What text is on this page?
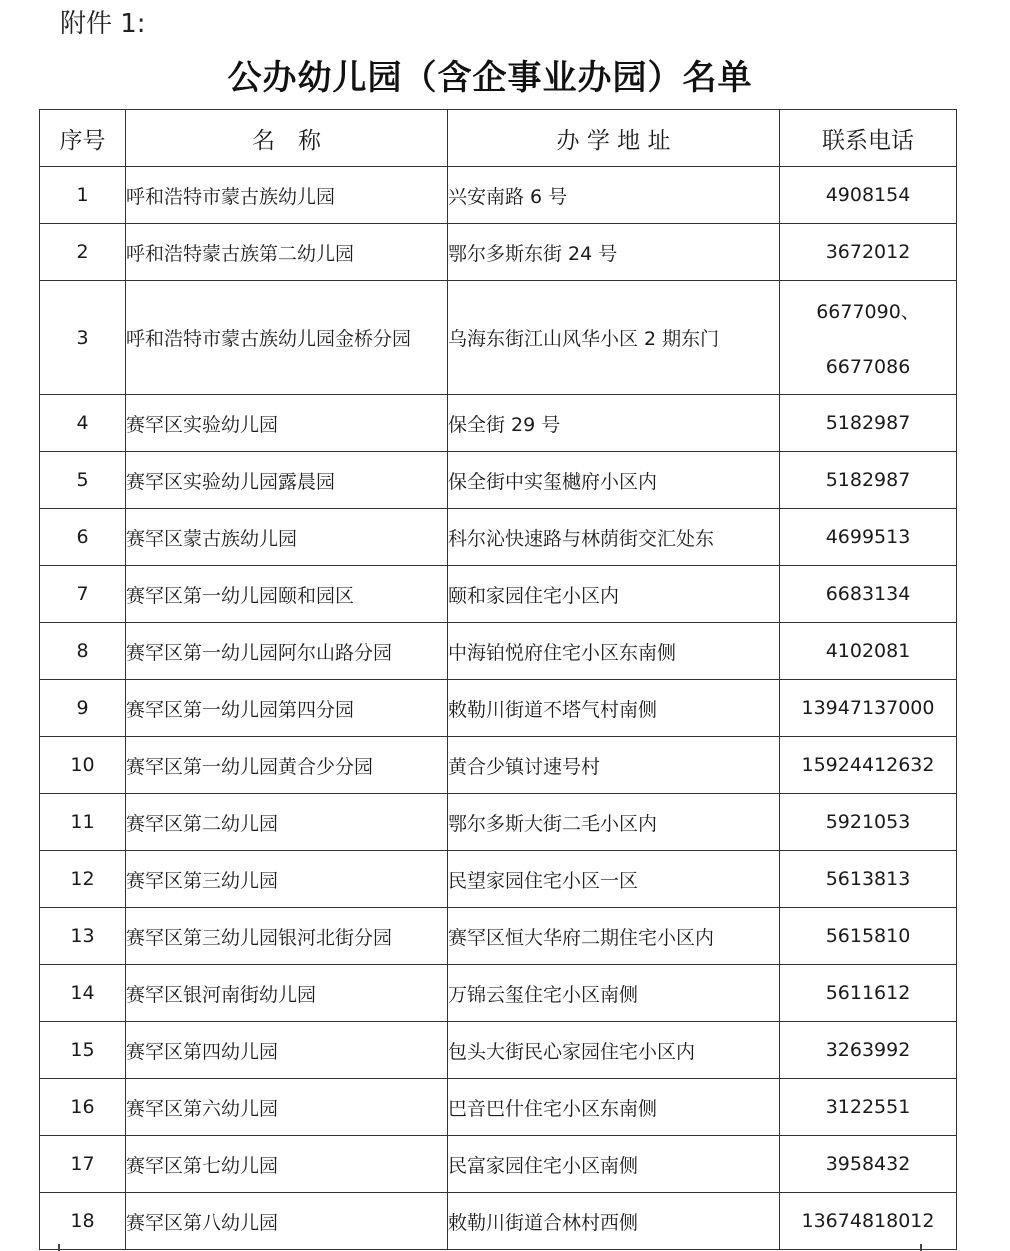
附件 1:
公办幼儿园（含企事业办园）名单
序号	名　称	办 学 地 址	联系电话
1	呼和浩特市蒙古族幼儿园	兴安南路 6 号	4908154
2	呼和浩特蒙古族第二幼儿园	鄂尔多斯东街 24 号	3672012
3	呼和浩特市蒙古族幼儿园金桥分园	乌海东街江山风华小区 2 期东门	6677090、
6677086

4	赛罕区实验幼儿园	保全街 29 号	5182987
5	赛罕区实验幼儿园露晨园	保全街中实玺樾府小区内	5182987
6	赛罕区蒙古族幼儿园	科尔沁快速路与林荫街交汇处东	4699513
7	赛罕区第一幼儿园颐和园区	颐和家园住宅小区内	6683134
8	赛罕区第一幼儿园阿尔山路分园	中海铂悦府住宅小区东南侧	4102081
9	赛罕区第一幼儿园第四分园	敕勒川街道不塔气村南侧	13947137000
10	赛罕区第一幼儿园黄合少分园	黄合少镇讨速号村	15924412632
11	赛罕区第二幼儿园	鄂尔多斯大街二毛小区内	5921053
12	赛罕区第三幼儿园	民望家园住宅小区一区	5613813
13	赛罕区第三幼儿园银河北街分园	赛罕区恒大华府二期住宅小区内	5615810
14	赛罕区银河南街幼儿园	万锦云玺住宅小区南侧	5611612
15	赛罕区第四幼儿园	包头大街民心家园住宅小区内	3263992
16	赛罕区第六幼儿园	巴音巴什住宅小区东南侧	3122551
17	赛罕区第七幼儿园	民富家园住宅小区南侧	3958432
18	赛罕区第八幼儿园	敕勒川街道合林村西侧	13674818012
